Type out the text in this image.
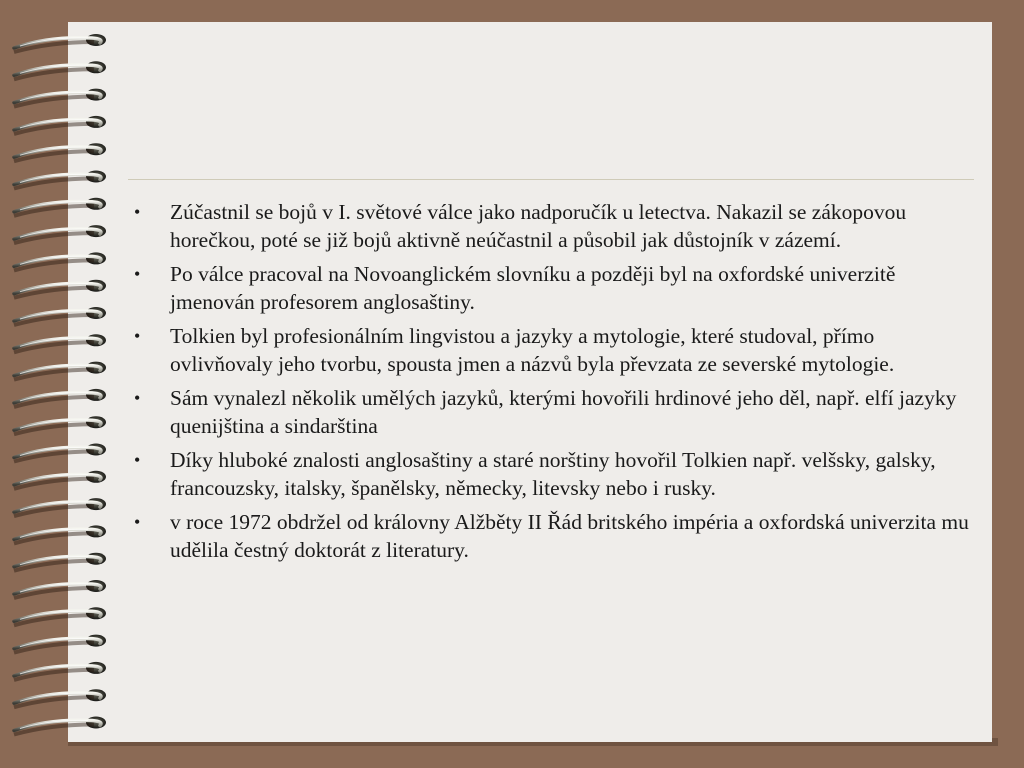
• Zúčastnil se bojů v I. světové válce jako nadporučík u letectva. Nakazil se zákopovou horečkou, poté se již bojů aktivně neúčastnil a působil jak důstojník v zázemí.
• Po válce pracoval na Novoanglickém slovníku a později byl na oxfordské univerzitě jmenován profesorem anglosaštiny.
• Tolkien byl profesionálním lingvistou a jazyky a mytologie, které studoval, přímo ovlivňovaly jeho tvorbu, spousta jmen a názvů byla převzata ze severské mytologie.
• Sám vynalezl několik umělých jazyků, kterými hovořili hrdinové jeho děl, např. elfí jazyky quenijština a sindarština
• Díky hluboké znalosti anglosaštiny a staré norštiny hovořil Tolkien např. velšsky, galsky, francouzsky, italsky, španělsky, německy, litevsky nebo i rusky.
• v roce 1972 obdržel od královny Alžběty II Řád britského impéria a oxfordská univerzita mu udělila čestný doktorát z literatury.
